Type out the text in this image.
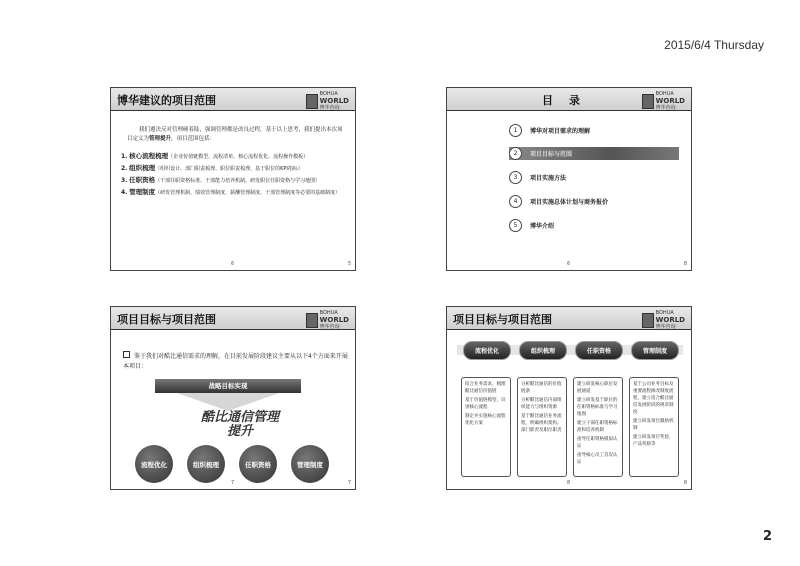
2015/6/4 Thursday
博华建议的项目范围	BOHUA
WORLD
博华咨询
我们遵决反对管理硬着陆，强调管理都是改良过程，基于以上思考，我们提出本次项目定义为管理提升，项目范围包括：
1. 核心流程梳理（企业价值链模型、流程清单、核心流程优化、流程操作模板）
2. 组织梳理（组织设计、部门职责梳理、职位职责梳理、基于职位的KPI指标）
3. 任职资格（干部任职资格标准、干部能力培养机制、研发职位任职资格与学习地图）
4. 管理制度（研发管理机制、绩效管理制度、薪酬管理制度、干部管理制度等必要的基础制度）
6	5
目录	BOHUA
WORLD
博华咨询
1	博华对项目需求的理解
2	项目目标与范围
3	项目实施方法
4	项目实施总体计划与商务报价
5	博华介绍
6	8
项目目标与项目范围	BOHUA
WORLD
博华咨询
鉴于我们对酷比通信需求的理解，在目前发展阶段建议主要从以下4个方面来开展本项目：
战略目标实现
酷比通信管理提升
流程优化	组织梳理	任职资格	管理制度
7	7
项目目标与项目范围	BOHUA
WORLD
博华咨询
流程优化	组织梳理	任职资格	管理制度
结合业务需求，梳理酷比通信价值链
基于价值链模型，识别核心流程
制定并实施核心流程优化方案
分析酷比通信的价值链条
分析酷比通信内部组织能力与组织资源
基于酷比通信业务流程，明确组织架构、部门职责及职位职责
建立研发核心职位发展通道
建立研发基于职位的任职资格标准与学习地图
建立干部任职资格标准和培养机制
指导任职资格模拟认证
指导核心员工首次认证
基于公司业务目标及重要流程修改制度流程，建立适合酷比通信发展阶段的规章制度
建立研发项目激励机制
建立研发项目奖惩，产品奖励等
8	8
2
